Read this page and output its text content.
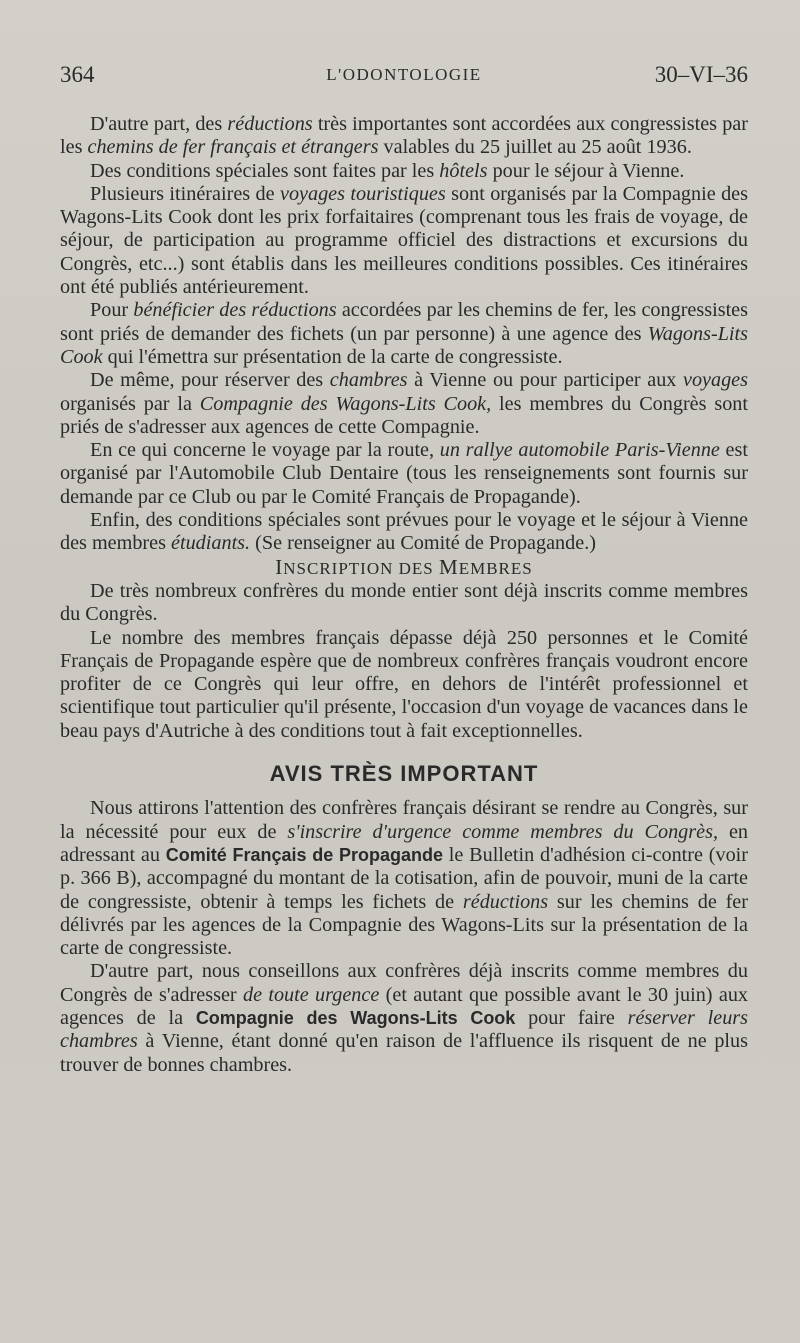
364	L'ODONTOLOGIE	30–VI–36

D'autre part, des réductions très importantes sont accordées aux congressistes par les chemins de fer français et étrangers valables du 25 juillet au 25 août 1936.

Des conditions spéciales sont faites par les hôtels pour le séjour à Vienne.

Plusieurs itinéraires de voyages touristiques sont organisés par la Compagnie des Wagons-Lits Cook dont les prix forfaitaires (comprenant tous les frais de voyage, de séjour, de participation au programme officiel des distractions et excursions du Congrès, etc...) sont établis dans les meilleures conditions possibles. Ces itinéraires ont été publiés antérieurement.

Pour bénéficier des réductions accordées par les chemins de fer, les congressistes sont priés de demander des fichets (un par personne) à une agence des Wagons-Lits Cook qui l'émettra sur présentation de la carte de congressiste.

De même, pour réserver des chambres à Vienne ou pour participer aux voyages organisés par la Compagnie des Wagons-Lits Cook, les membres du Congrès sont priés de s'adresser aux agences de cette Compagnie.

En ce qui concerne le voyage par la route, un rallye automobile Paris-Vienne est organisé par l'Automobile Club Dentaire (tous les renseignements sont fournis sur demande par ce Club ou par le Comité Français de Propagande).

Enfin, des conditions spéciales sont prévues pour le voyage et le séjour à Vienne des membres étudiants. (Se renseigner au Comité de Propagande.)

INSCRIPTION DES MEMBRES

De très nombreux confrères du monde entier sont déjà inscrits comme membres du Congrès.

Le nombre des membres français dépasse déjà 250 personnes et le Comité Français de Propagande espère que de nombreux confrères français voudront encore profiter de ce Congrès qui leur offre, en dehors de l'intérêt professionnel et scientifique tout particulier qu'il présente, l'occasion d'un voyage de vacances dans le beau pays d'Autriche à des conditions tout à fait exceptionnelles.

AVIS TRÈS IMPORTANT

Nous attirons l'attention des confrères français désirant se rendre au Congrès, sur la nécessité pour eux de s'inscrire d'urgence comme membres du Congrès, en adressant au Comité Français de Propagande le Bulletin d'adhésion ci-contre (voir p. 366 B), accompagné du montant de la cotisation, afin de pouvoir, muni de la carte de congressiste, obtenir à temps les fichets de réductions sur les chemins de fer délivrés par les agences de la Compagnie des Wagons-Lits sur la présentation de la carte de congressiste.

D'autre part, nous conseillons aux confrères déjà inscrits comme membres du Congrès de s'adresser de toute urgence (et autant que possible avant le 30 juin) aux agences de la Compagnie des Wagons-Lits Cook pour faire réserver leurs chambres à Vienne, étant donné qu'en raison de l'affluence ils risquent de ne plus trouver de bonnes chambres.
